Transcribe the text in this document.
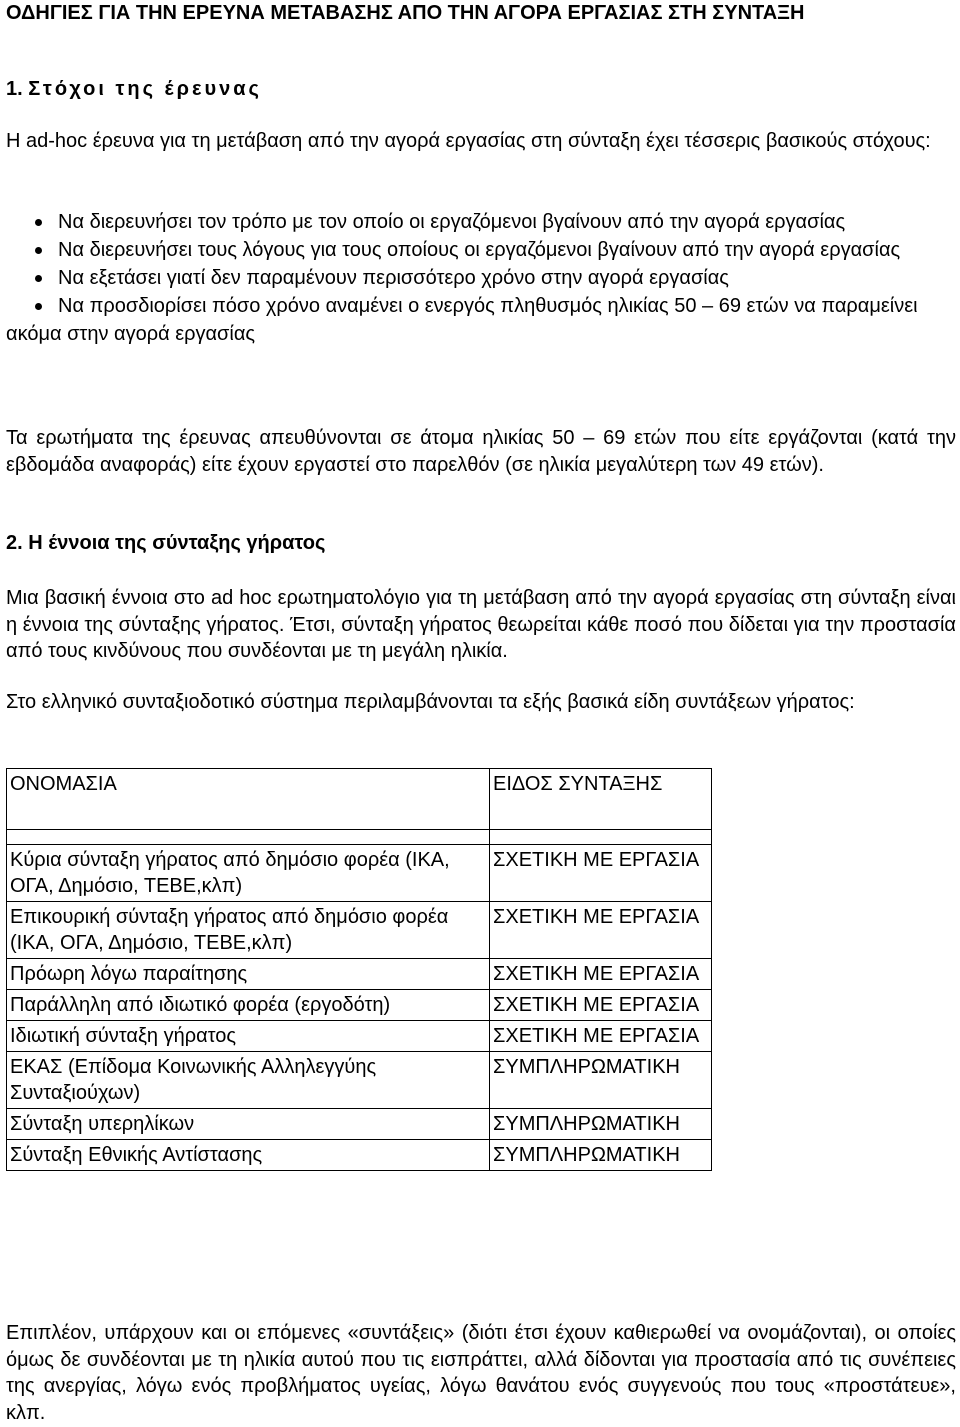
ΟΔΗΓΙΕΣ ΓΙΑ ΤΗΝ ΕΡΕΥΝΑ ΜΕΤΑΒΑΣΗΣ ΑΠΟ ΤΗΝ ΑΓΟΡΑ ΕΡΓΑΣΙΑΣ ΣΤΗ ΣΥΝΤΑΞΗ
1. Στόχοι της έρευνας
Η ad-hoc έρευνα για τη μετάβαση από την αγορά εργασίας στη σύνταξη έχει τέσσερις βασικούς στόχους:
Να διερευνήσει τον τρόπο με τον οποίο οι εργαζόμενοι βγαίνουν από την αγορά εργασίας
Να διερευνήσει τους λόγους για τους οποίους οι εργαζόμενοι βγαίνουν από την αγορά εργασίας
Να εξετάσει γιατί δεν παραμένουν περισσότερο χρόνο στην αγορά εργασίας
Να προσδιορίσει πόσο χρόνο αναμένει ο ενεργός πληθυσμός ηλικίας 50 – 69 ετών να παραμείνει ακόμα στην αγορά εργασίας
Τα ερωτήματα της έρευνας απευθύνονται σε άτομα ηλικίας 50 – 69 ετών που είτε εργάζονται (κατά την εβδομάδα αναφοράς) είτε έχουν εργαστεί στο παρελθόν (σε ηλικία μεγαλύτερη των 49 ετών).
2. Η έννοια της σύνταξης γήρατος
Μια βασική έννοια στο ad hoc ερωτηματολόγιο για τη μετάβαση από την αγορά εργασίας στη σύνταξη είναι η έννοια της σύνταξης γήρατος. Έτσι, σύνταξη γήρατος θεωρείται κάθε ποσό που δίδεται για την προστασία από τους κινδύνους που συνδέονται με τη μεγάλη ηλικία.
Στο ελληνικό συνταξιοδοτικό σύστημα περιλαμβάνονται τα εξής βασικά είδη συντάξεων γήρατος:
ΟΝΟΜΑΣΙΑ	ΕΙΔΟΣ ΣΥΝΤΑΞΗΣ

Κύρια σύνταξη γήρατος από δημόσιο φορέα (ΙΚΑ, ΟΓΑ, Δημόσιο, ΤΕΒΕ,κλπ)	ΣΧΕΤΙΚΗ ΜΕ ΕΡΓΑΣΙΑ
Επικουρική σύνταξη γήρατος από δημόσιο φορέα (ΙΚΑ, ΟΓΑ, Δημόσιο, ΤΕΒΕ,κλπ)	ΣΧΕΤΙΚΗ ΜΕ ΕΡΓΑΣΙΑ
Πρόωρη λόγω παραίτησης	ΣΧΕΤΙΚΗ ΜΕ ΕΡΓΑΣΙΑ
Παράλληλη από ιδιωτικό φορέα (εργοδότη)	ΣΧΕΤΙΚΗ ΜΕ ΕΡΓΑΣΙΑ
Ιδιωτική σύνταξη γήρατος	ΣΧΕΤΙΚΗ ΜΕ ΕΡΓΑΣΙΑ
ΕΚΑΣ (Επίδομα Κοινωνικής Αλληλεγγύης Συνταξιούχων)	ΣΥΜΠΛΗΡΩΜΑΤΙΚΗ
Σύνταξη υπερηλίκων	ΣΥΜΠΛΗΡΩΜΑΤΙΚΗ
Σύνταξη Εθνικής Αντίστασης	ΣΥΜΠΛΗΡΩΜΑΤΙΚΗ
Επιπλέον, υπάρχουν και οι επόμενες «συντάξεις» (διότι έτσι έχουν καθιερωθεί να ονομάζονται), οι οποίες όμως δε συνδέονται με τη ηλικία αυτού που τις εισπράττει, αλλά δίδονται για προστασία από τις συνέπειες της ανεργίας, λόγω ενός προβλήματος υγείας, λόγω θανάτου ενός συγγενούς που τους «προστάτευε», κλπ.
